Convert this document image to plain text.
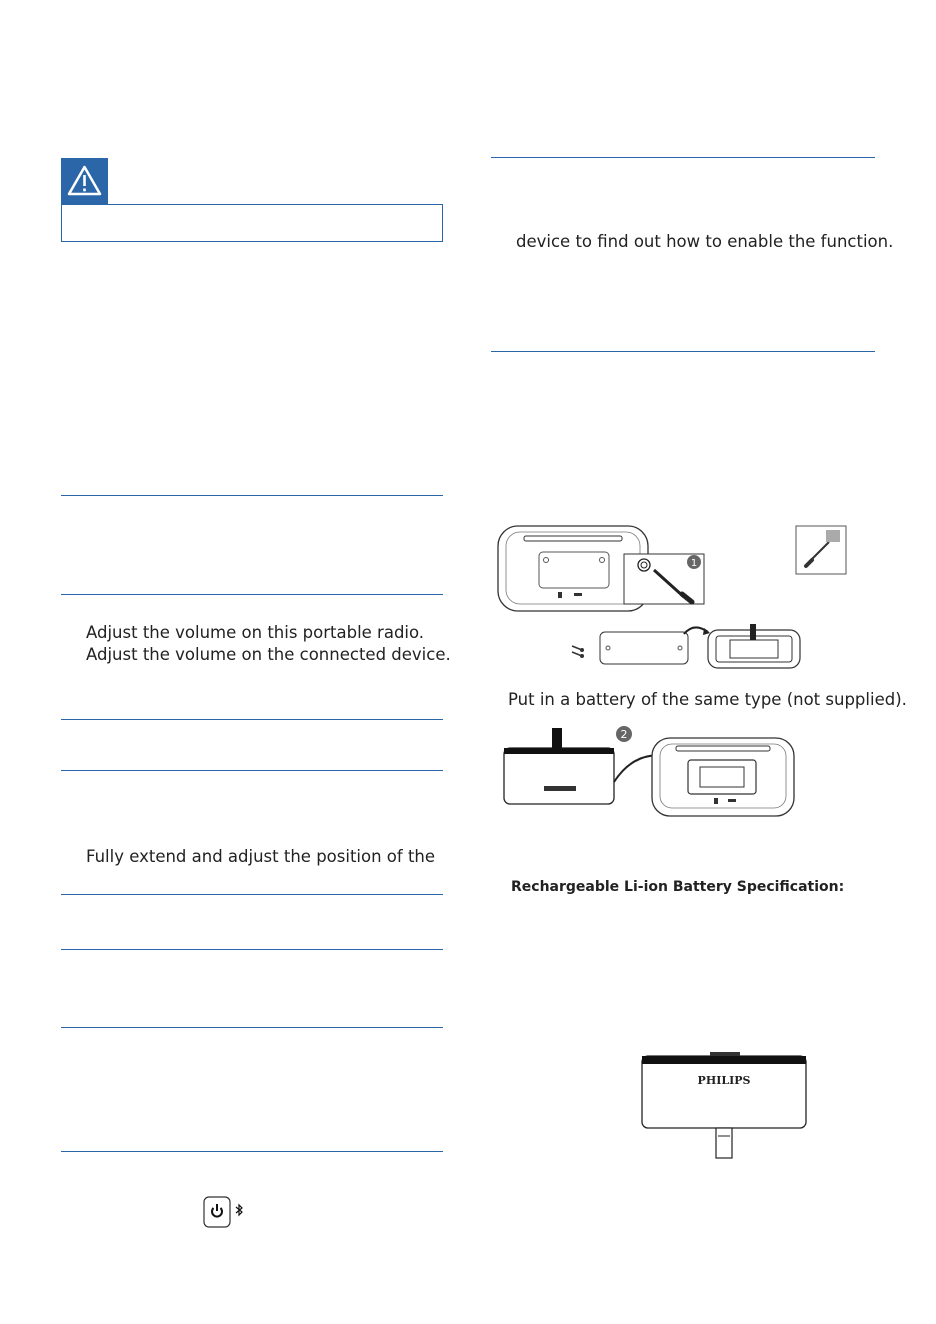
Adjust the volume on this portable radio.
Adjust the volume on the connected device.
Fully extend and adjust the position of the
device to find out how to enable the function.
1
Put in a battery of the same type (not supplied).
2
Rechargeable Li-ion Battery Specification:
PHILIPS
